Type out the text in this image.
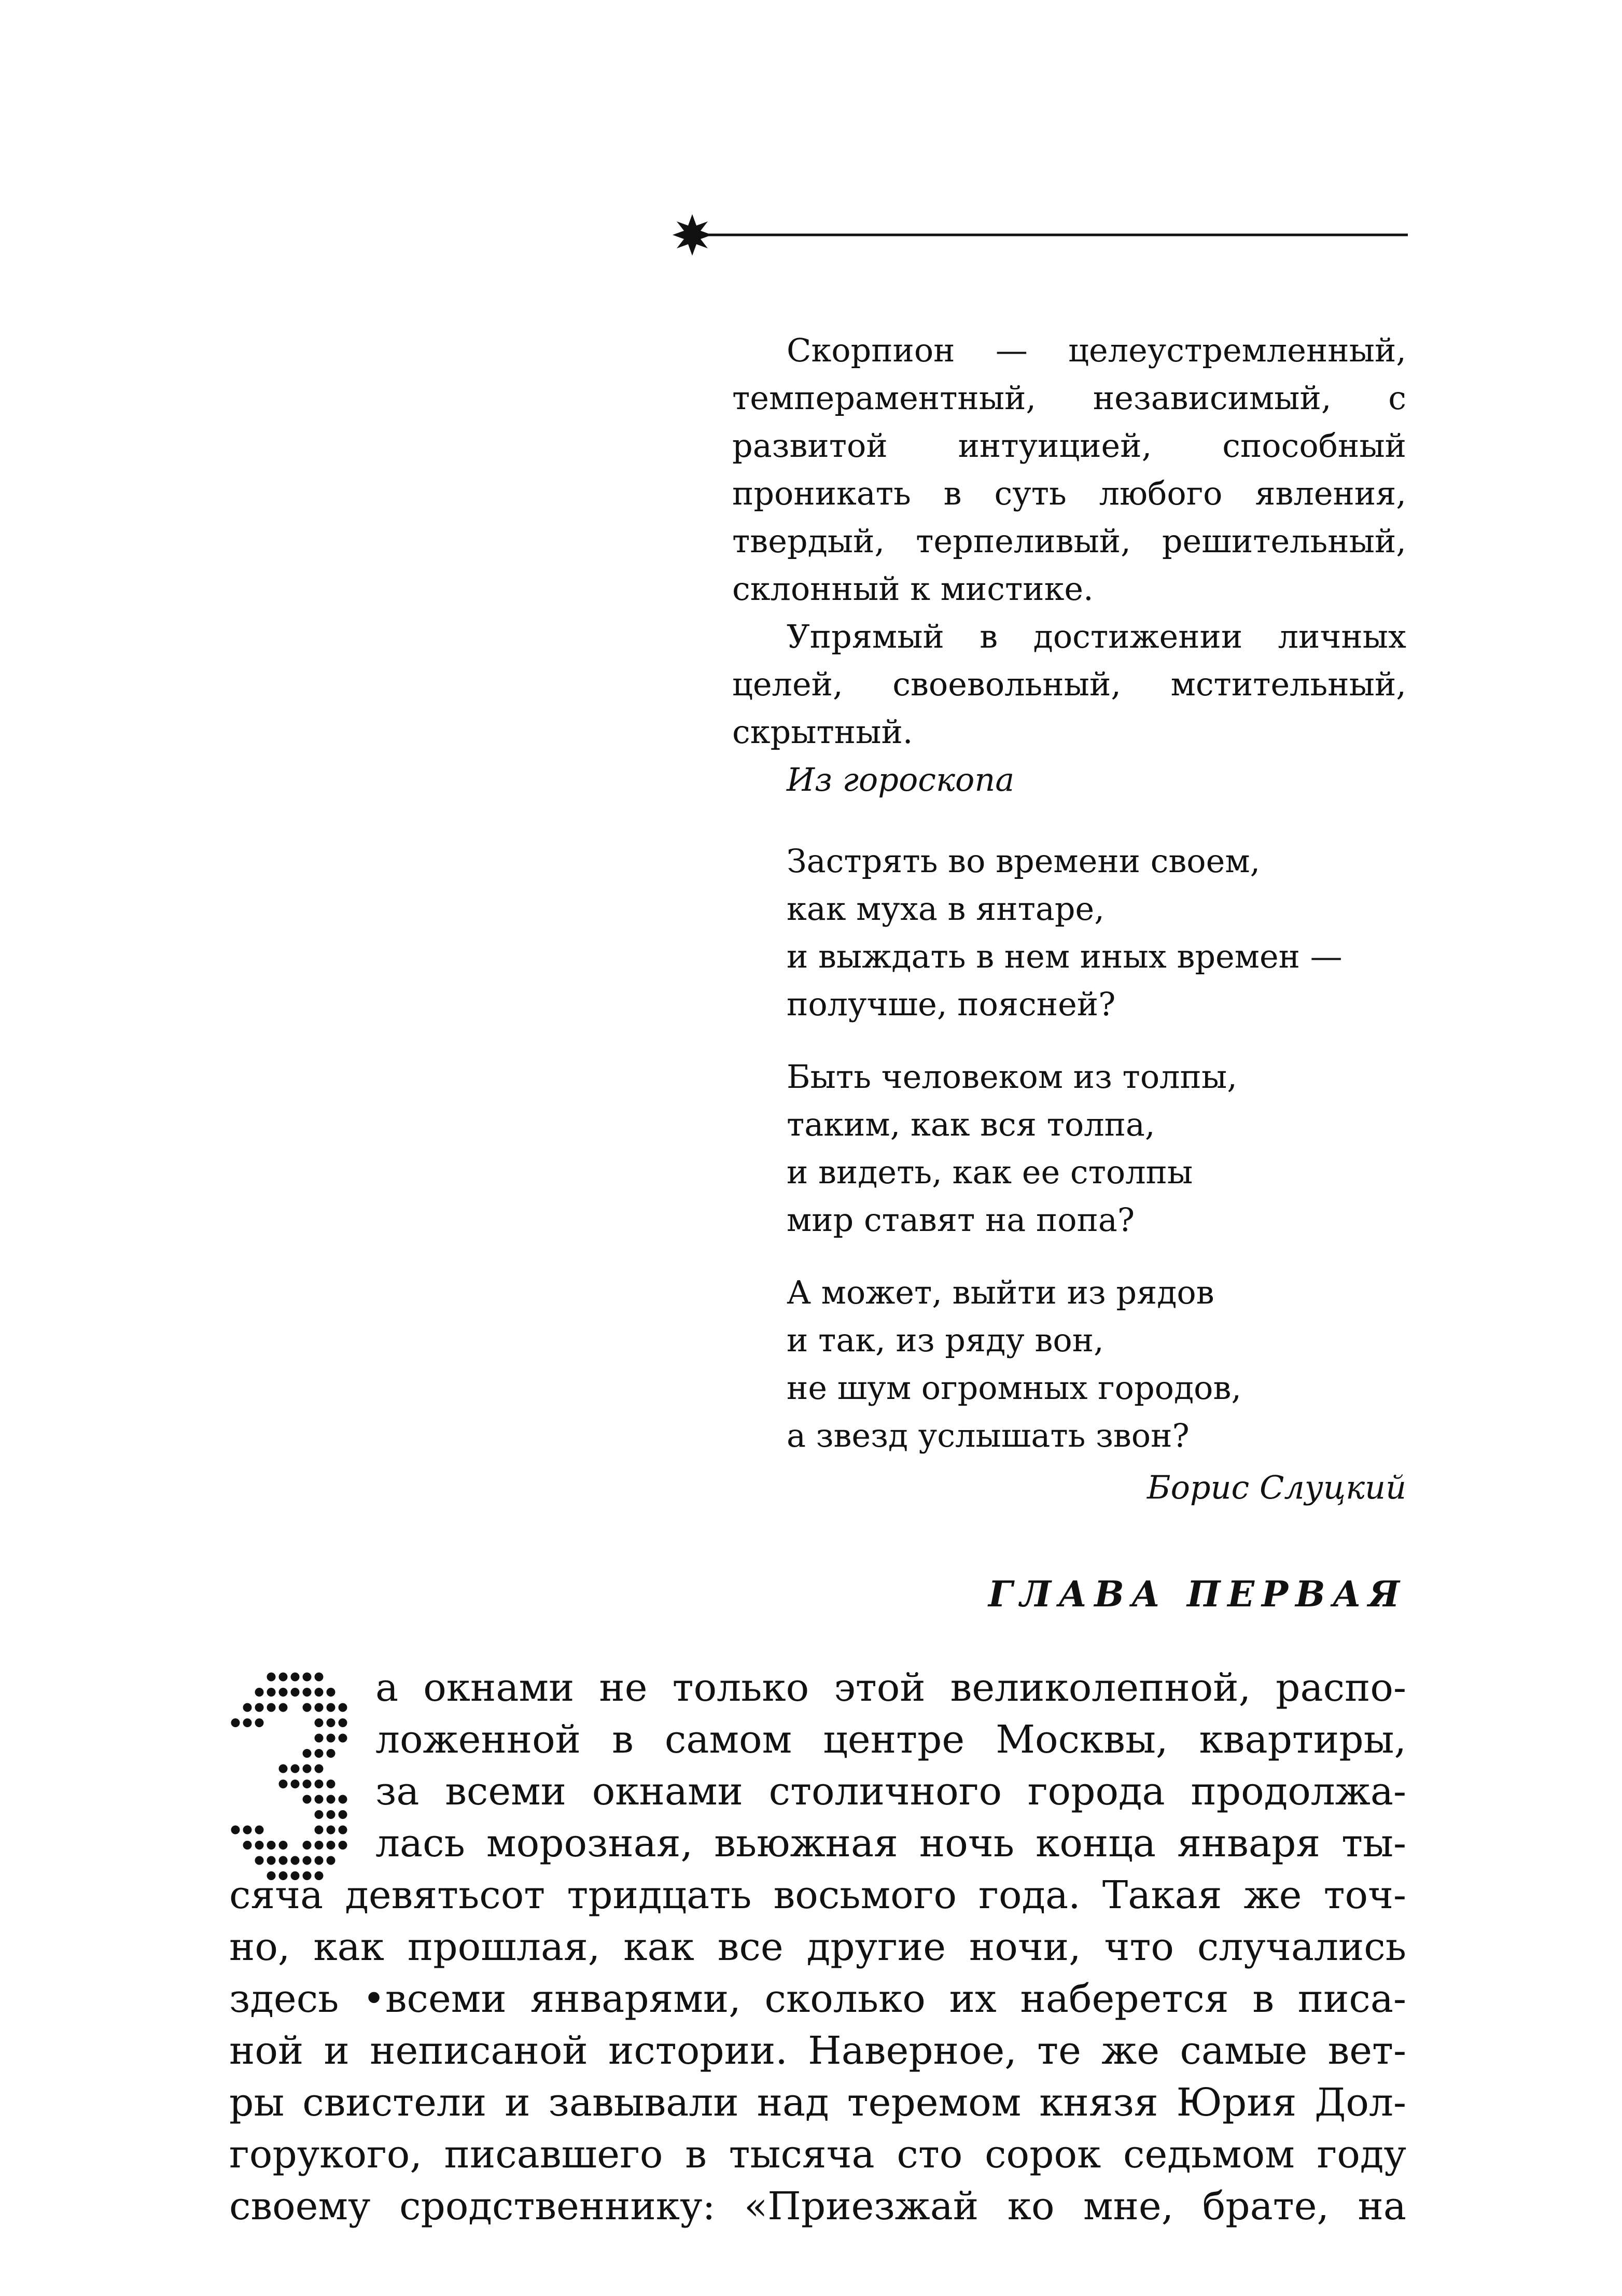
Скорпион — целеустремленный, темпераментный, независимый, с развитой интуицией, способный проникать в суть любого явления, твердый, терпеливый, решительный, склонный к мистике.

Упрямый в достижении личных целей, своевольный, мстительный, скрытный.

Из гороскопа

Застрять во времени своем,
как муха в янтаре,
и выждать в нем иных времен —
получше, поясней?
Быть человеком из толпы,
таким, как вся толпа,
и видеть, как ее столпы
мир ставят на попа?
А может, выйти из рядов
и так, из ряду вон,
не шум огромных городов,
а звезд услышать звон?

Борис Слуцкий

ГЛАВА ПЕРВАЯ
З	а окнами не только этой великолепной, распо-
ложенной в самом центре Москвы, квартиры,
за всеми окнами столичного города продолжа-
лась морозная, вьюжная ночь конца января ты-
сяча девятьсот тридцать восьмого года. Такая же точ-
но, как прошлая, как все другие ночи, что случались
здесь •всеми январями, сколько их наберется в писа-
ной и неписаной истории. Наверное, те же самые вет-
ры свистели и завывали над теремом князя Юрия Дол-
горукого, писавшего в тысяча сто сорок седьмом году
своему сродственнику: «Приезжай ко мне, брате, на
